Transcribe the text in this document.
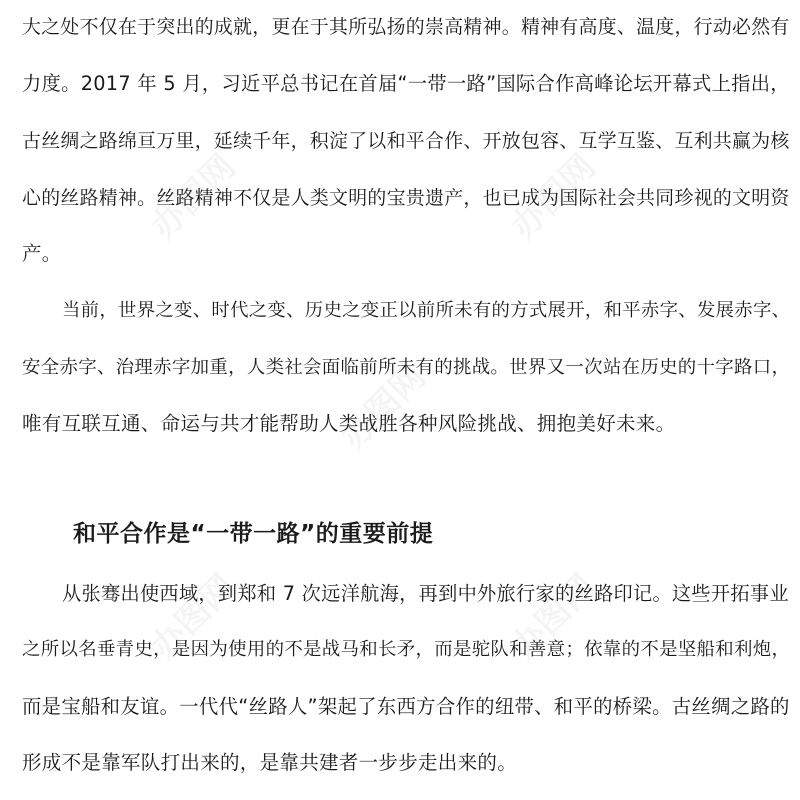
大之处不仅在于突出的成就，更在于其所弘扬的崇高精神。精神有高度、温度，行动必然有
力度。2017 年 5 月，习近平总书记在首届“一带一路”国际合作高峰论坛开幕式上指出，
古丝绸之路绵亘万里，延续千年，积淀了以和平合作、开放包容、互学互鉴、互利共赢为核
心的丝路精神。丝路精神不仅是人类文明的宝贵遗产，也已成为国际社会共同珍视的文明资
产。
当前，世界之变、时代之变、历史之变正以前所未有的方式展开，和平赤字、发展赤字、
安全赤字、治理赤字加重，人类社会面临前所未有的挑战。世界又一次站在历史的十字路口，
唯有互联互通、命运与共才能帮助人类战胜各种风险挑战、拥抱美好未来。
和平合作是“一带一路”的重要前提
从张骞出使西域，到郑和 7 次远洋航海，再到中外旅行家的丝路印记。这些开拓事业
之所以名垂青史，是因为使用的不是战马和长矛，而是驼队和善意；依靠的不是坚船和利炮，
而是宝船和友谊。一代代“丝路人”架起了东西方合作的纽带、和平的桥梁。古丝绸之路的
形成不是靠军队打出来的，是靠共建者一步步走出来的。
